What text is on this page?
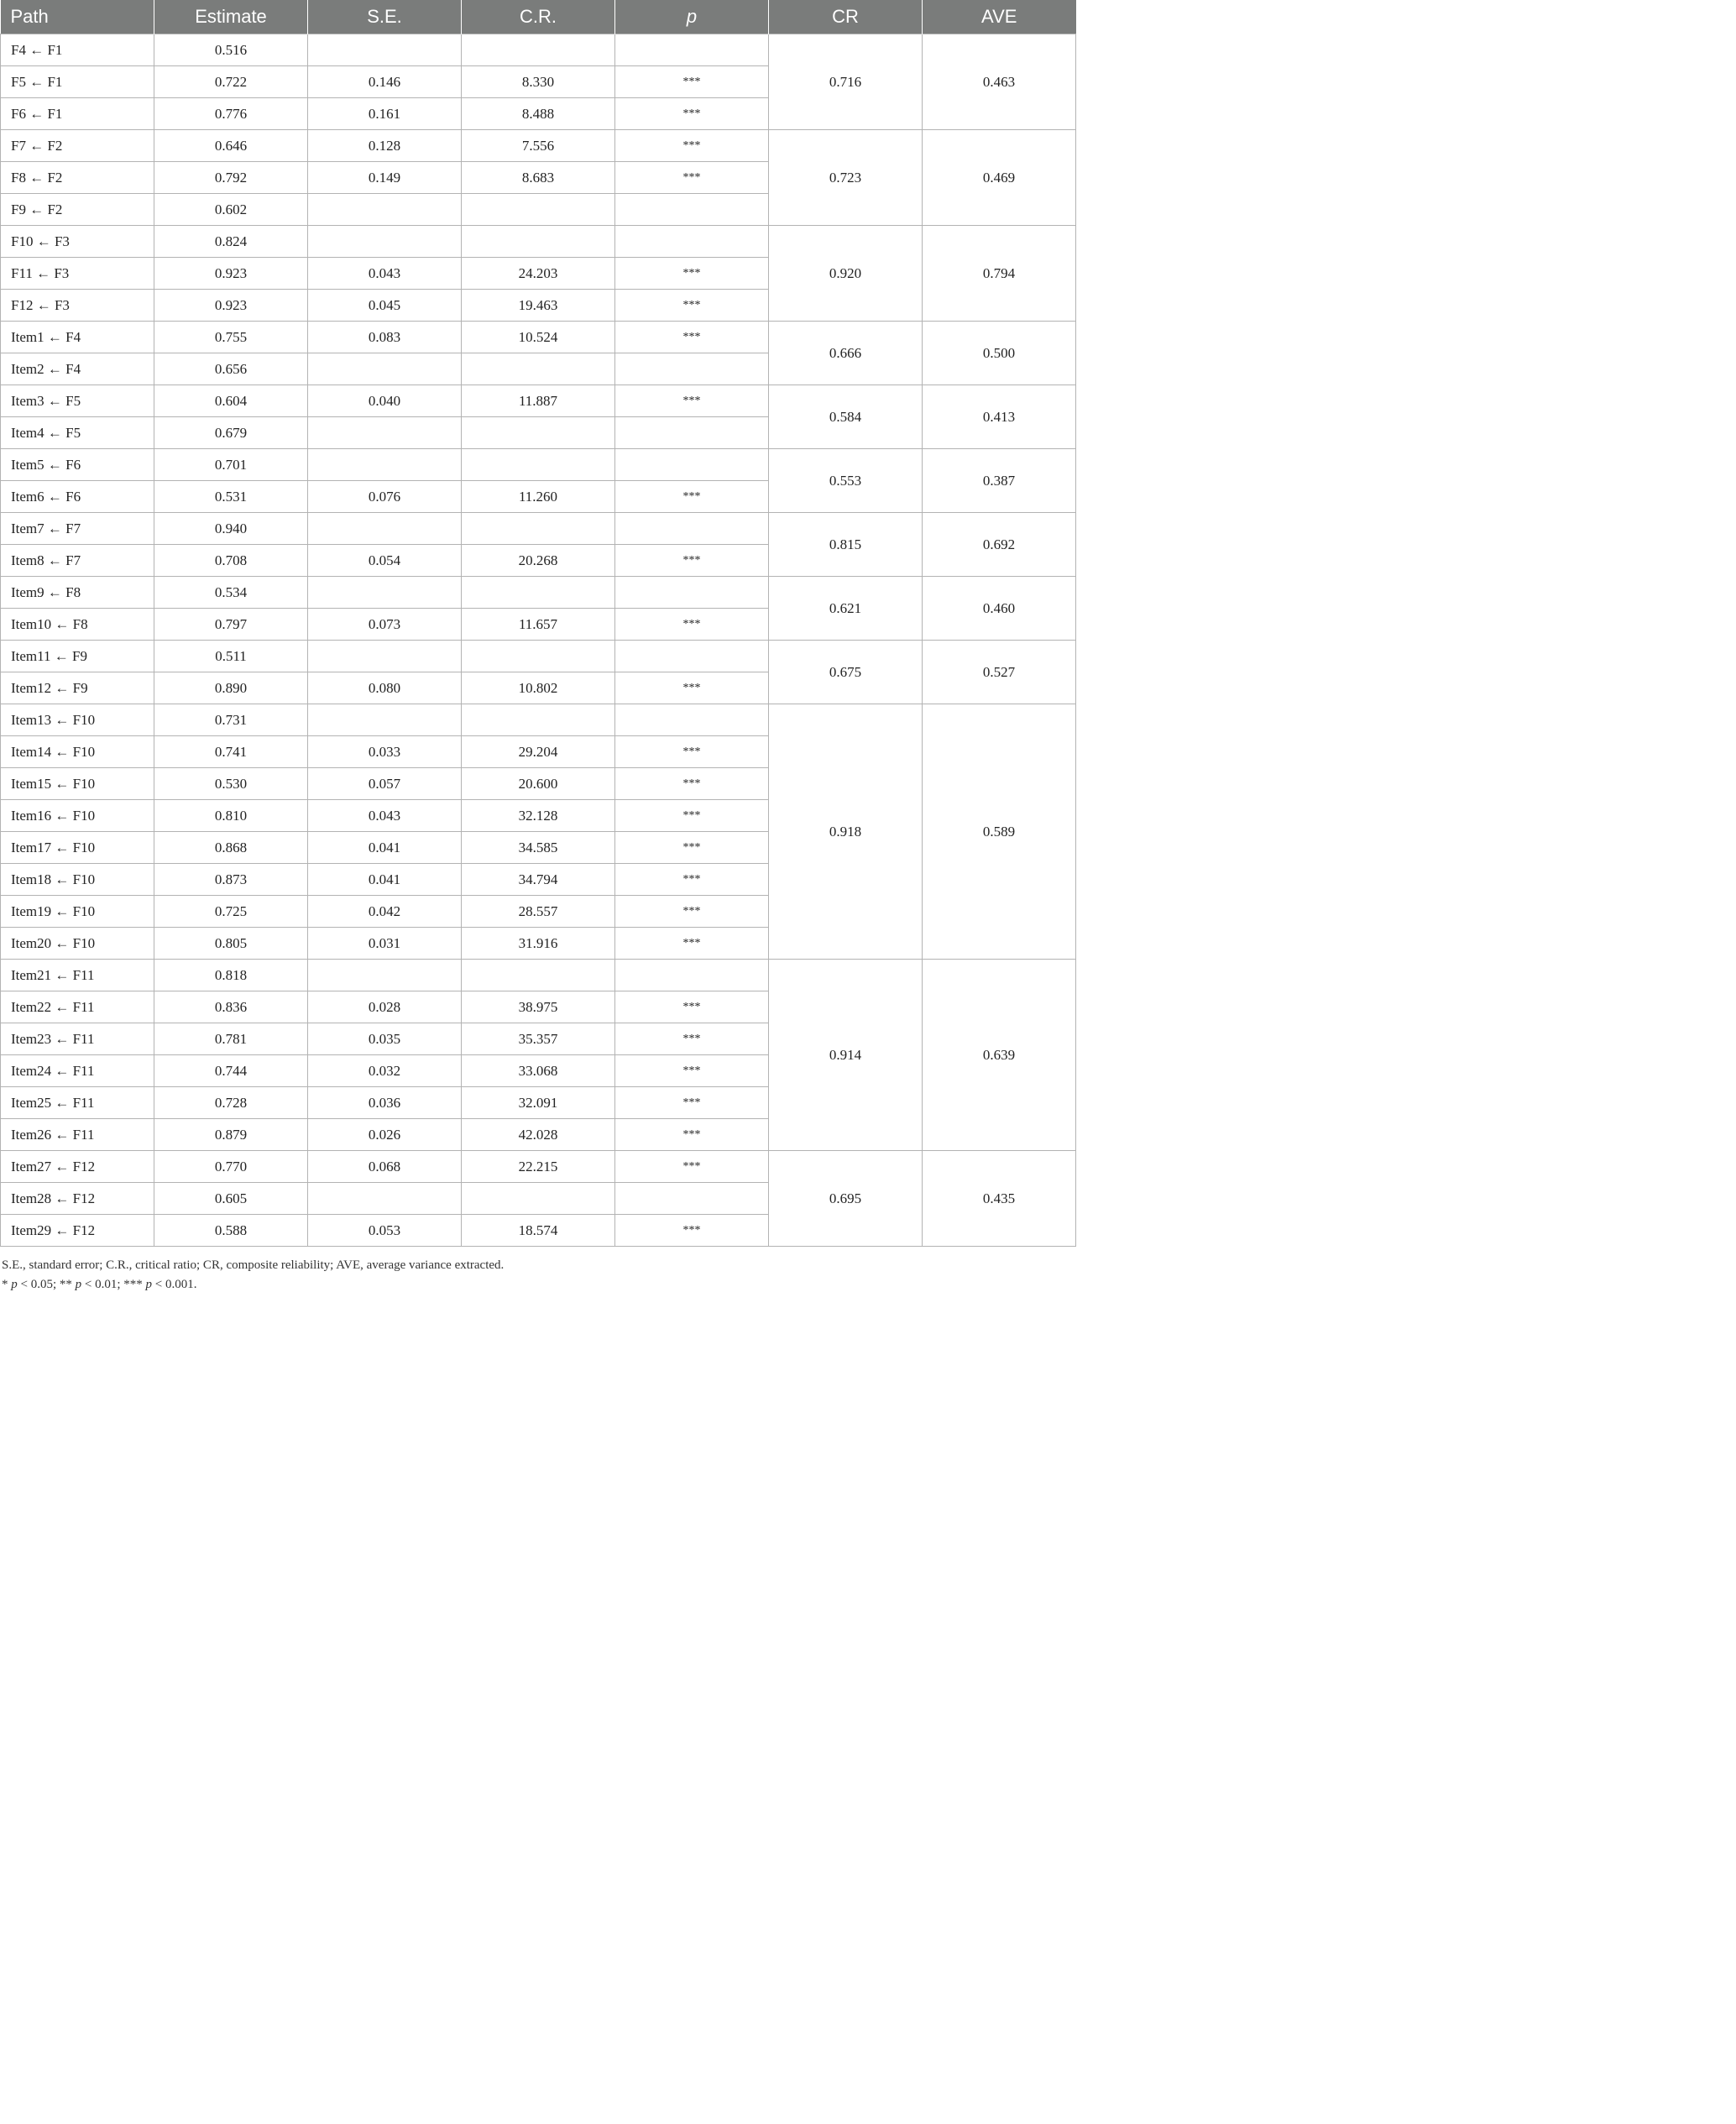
Path	Estimate	S.E.	C.R.	p	CR	AVE
F4 ← F1	0.516				0.716	0.463
F5 ← F1	0.722	0.146	8.330	***		
F6 ← F1	0.776	0.161	8.488	***		
F7 ← F2	0.646	0.128	7.556	***	0.723	0.469
F8 ← F2	0.792	0.149	8.683	***		
F9 ← F2	0.602					
F10 ← F3	0.824				0.920	0.794
F11 ← F3	0.923	0.043	24.203	***		
F12 ← F3	0.923	0.045	19.463	***		
Item1 ← F4	0.755	0.083	10.524	***	0.666	0.500
Item2 ← F4	0.656					
Item3 ← F5	0.604	0.040	11.887	***	0.584	0.413
Item4 ← F5	0.679					
Item5 ← F6	0.701				0.553	0.387
Item6 ← F6	0.531	0.076	11.260	***		
Item7 ← F7	0.940				0.815	0.692
Item8 ← F7	0.708	0.054	20.268	***		
Item9 ← F8	0.534				0.621	0.460
Item10 ← F8	0.797	0.073	11.657	***		
Item11 ← F9	0.511				0.675	0.527
Item12 ← F9	0.890	0.080	10.802	***		
Item13 ← F10	0.731				0.918	0.589
Item14 ← F10	0.741	0.033	29.204	***		
Item15 ← F10	0.530	0.057	20.600	***		
Item16 ← F10	0.810	0.043	32.128	***		
Item17 ← F10	0.868	0.041	34.585	***		
Item18 ← F10	0.873	0.041	34.794	***		
Item19 ← F10	0.725	0.042	28.557	***		
Item20 ← F10	0.805	0.031	31.916	***		
Item21 ← F11	0.818				0.914	0.639
Item22 ← F11	0.836	0.028	38.975	***		
Item23 ← F11	0.781	0.035	35.357	***		
Item24 ← F11	0.744	0.032	33.068	***		
Item25 ← F11	0.728	0.036	32.091	***		
Item26 ← F11	0.879	0.026	42.028	***		
Item27 ← F12	0.770	0.068	22.215	***	0.695	0.435
Item28 ← F12	0.605					
Item29 ← F12	0.588	0.053	18.574	***		
S.E., standard error; C.R., critical ratio; CR, composite reliability; AVE, average variance extracted.
* p < 0.05; ** p < 0.01; *** p < 0.001.
